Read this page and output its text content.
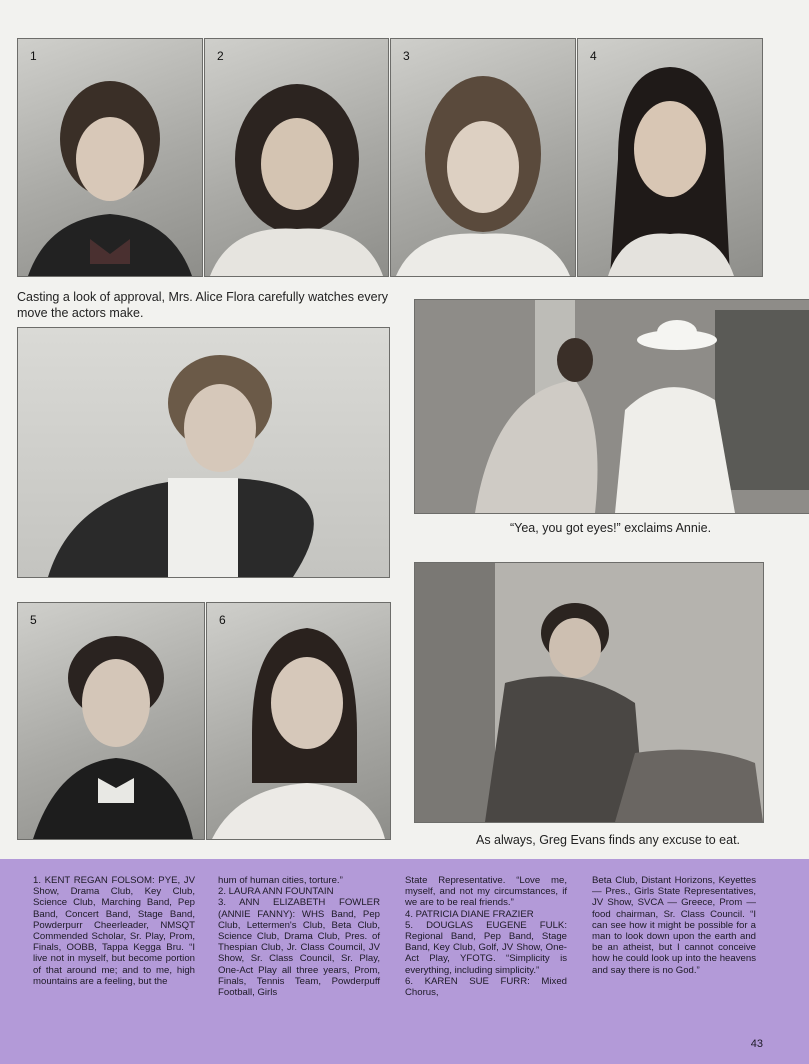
1	2	3	4
Casting a look of approval, Mrs. Alice Flora carefully watches every move the actors make.
“Yea, you got eyes!” exclaims Annie.
5	6
As always, Greg Evans finds any excuse to eat.

1. KENT REGAN FOLSOM: PYE, JV Show, Drama Club, Key Club, Science Club, Marching Band, Pep Band, Concert Band, Stage Band, Powderpurr Cheerleader, NMSQT Commended Scholar, Sr. Play, Prom, Finals, OOBB, Tappa Kegga Bru. “I live not in myself, but become portion of that around me; and to me, high mountains are a feeling, but the

hum of human cities, torture.”

2. LAURA ANN FOUNTAIN

3. ANN ELIZABETH FOWLER (ANNIE FANNY): WHS Band, Pep Club, Lettermen's Club, Beta Club, Science Club, Drama Club, Pres. of Thespian Club, Jr. Class Coumcil, JV Show, Sr. Class Council, Sr. Play, One-Act Play all three years, Prom, Finals, Tennis Team, Powderpuff Football, Girls

State Representative. “Love me, myself, and not my circumstances, if we are to be real friends.”

4. PATRICIA DIANE FRAZIER

5. DOUGLAS EUGENE FULK: Regional Band, Pep Band, Stage Band, Key Club, Golf, JV Show, One-Act Play, YFOTG. “Simplicity is everything, including simplicity.”

6. KAREN SUE FURR: Mixed Chorus,

Beta Club, Distant Horizons, Keyettes — Pres., Girls State Representatives, JV Show, SVCA — Greece, Prom — food chairman, Sr. Class Council. “I can see how it might be possible for a man to look down upon the earth and be an atheist, but I cannot conceive how he could look up into the heavens and say there is no God.”

43
